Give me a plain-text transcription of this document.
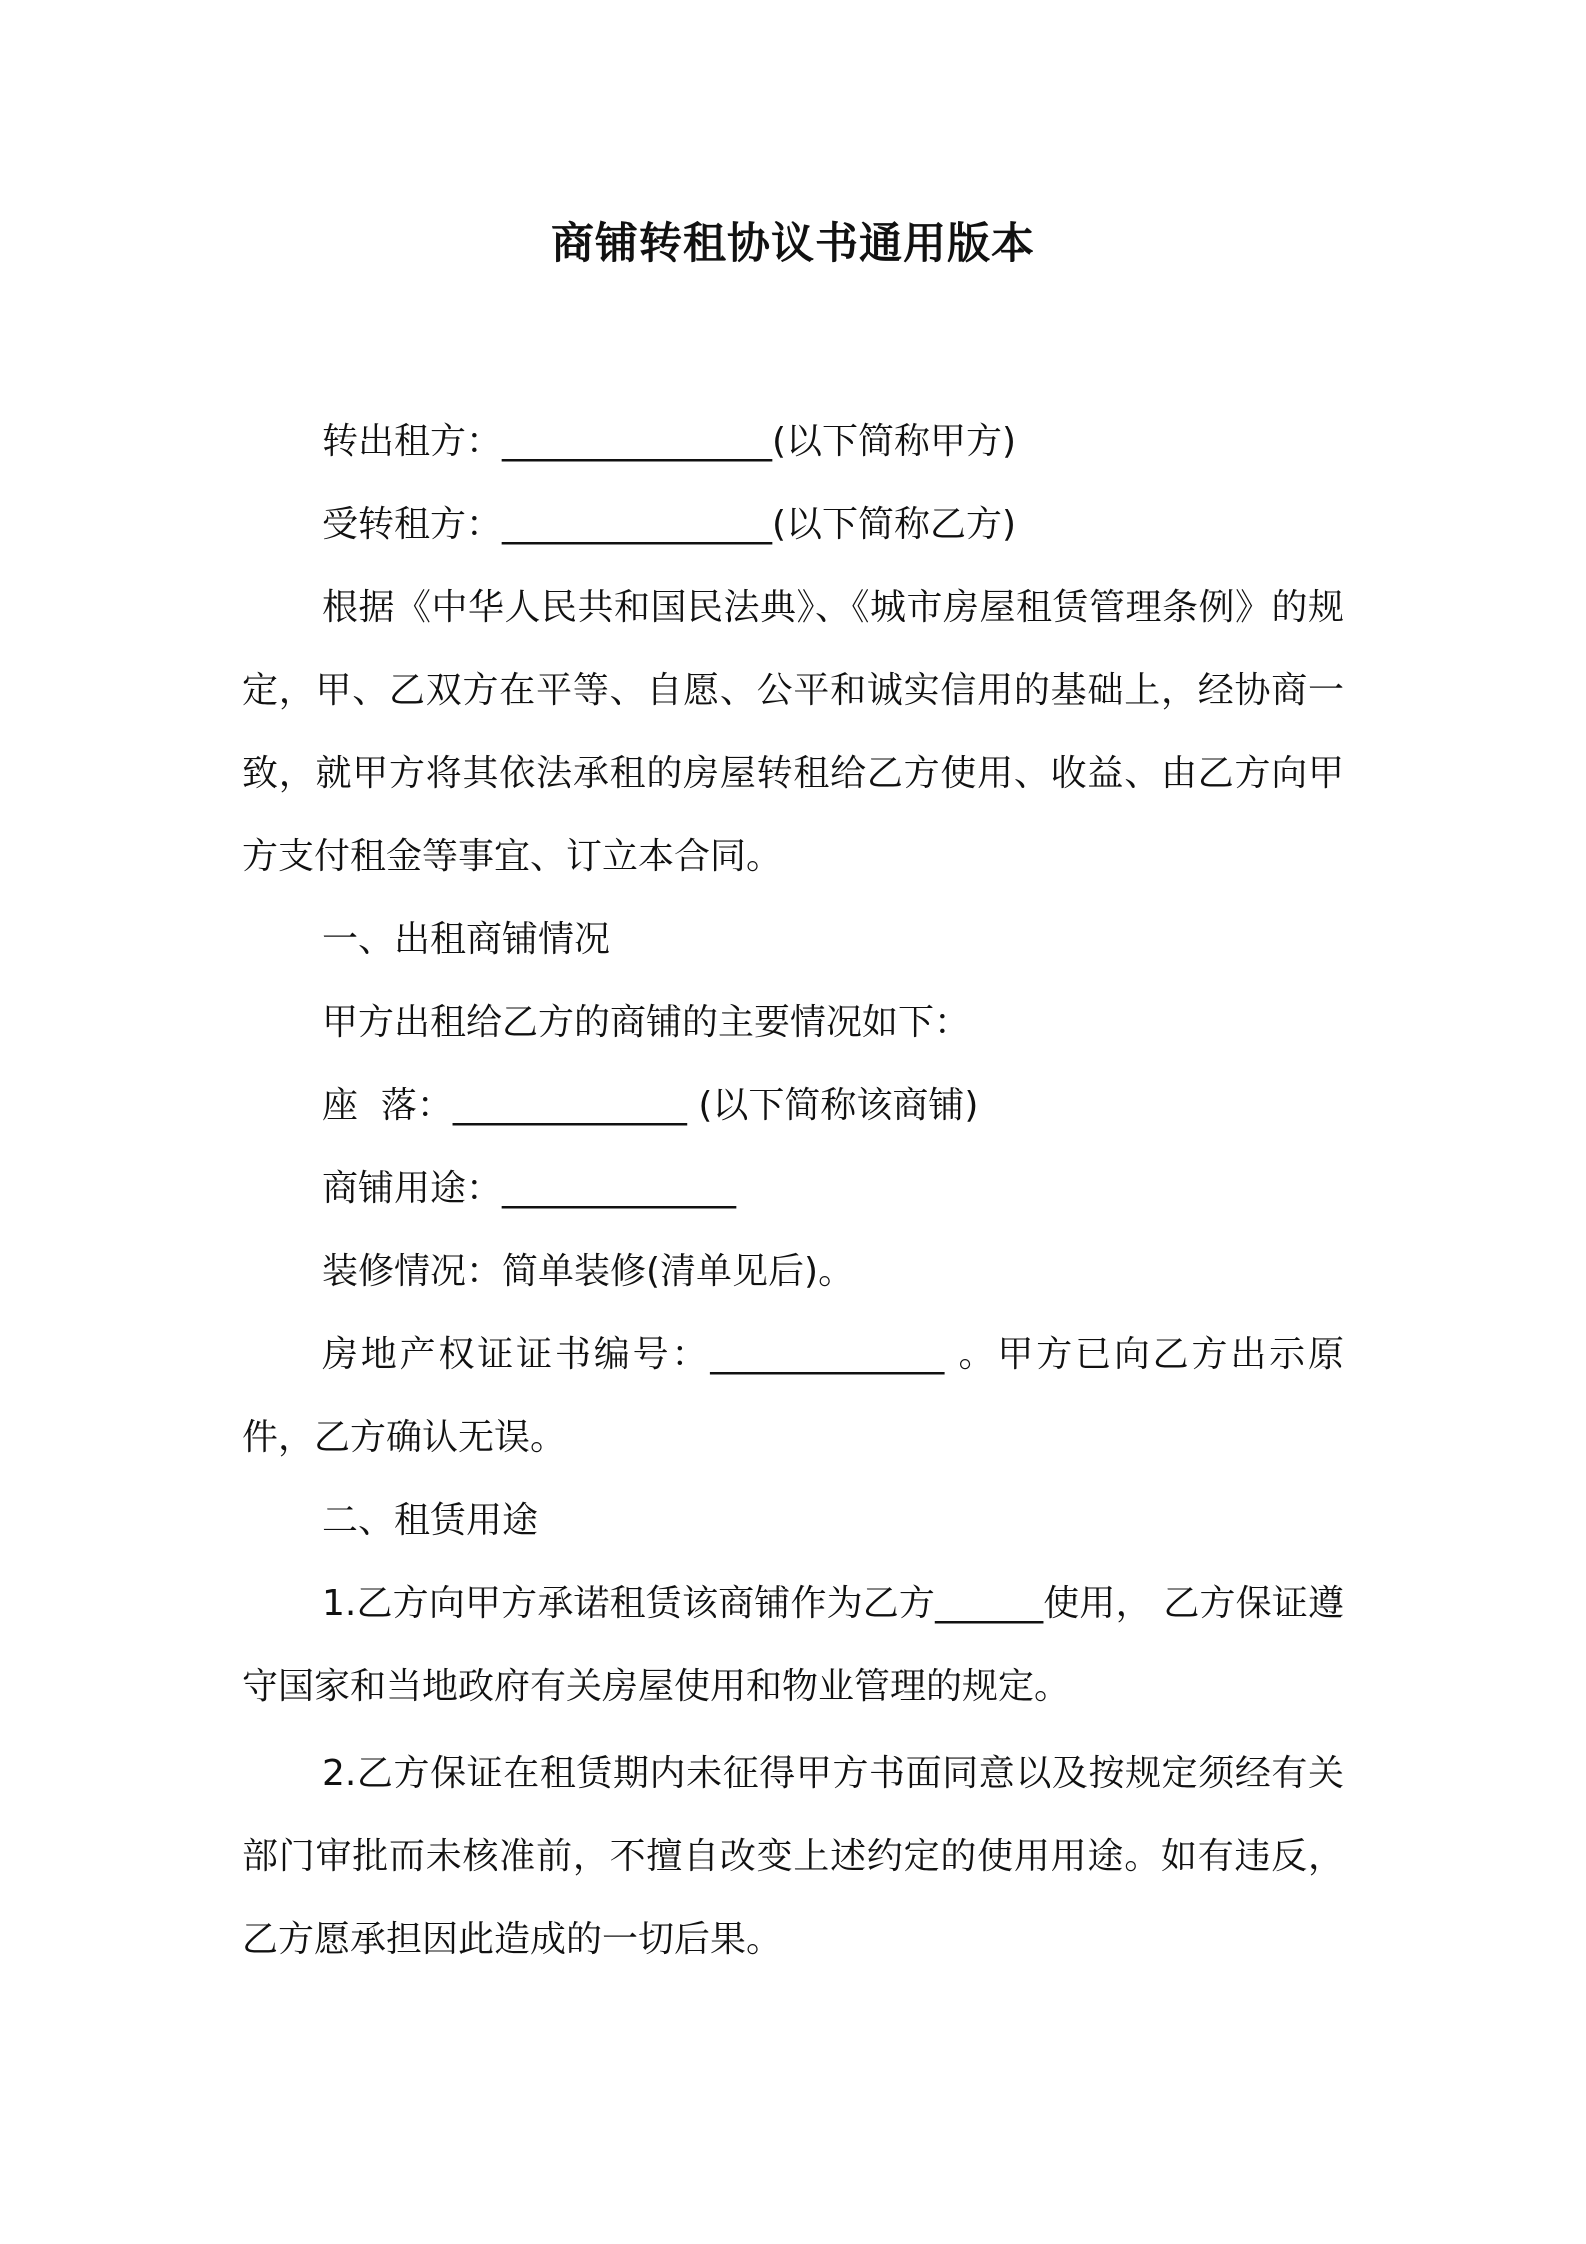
商铺转租协议书通用版本

转出租方：_______________(以下简称甲方)

受转租方：_______________(以下简称乙方)

根据《中华人民共和国民法典》、《城市房屋租赁管理条例》的规定，甲、乙双方在平等、自愿、公平和诚实信用的基础上，经协商一致，就甲方将其依法承租的房屋转租给乙方使用、收益、由乙方向甲方支付租金等事宜、订立本合同。

一、出租商铺情况

甲方出租给乙方的商铺的主要情况如下：

座  落：_____________ (以下简称该商铺)

商铺用途：_____________

装修情况：简单装修(清单见后)。

房地产权证证书编号：_____________ 。甲方已向乙方出示原件，乙方确认无误。

二、租赁用途

1.乙方向甲方承诺租赁该商铺作为乙方______使用， 乙方保证遵守国家和当地政府有关房屋使用和物业管理的规定。

2.乙方保证在租赁期内未征得甲方书面同意以及按规定须经有关部门审批而未核准前，不擅自改变上述约定的使用用途。如有违反，乙方愿承担因此造成的一切后果。
